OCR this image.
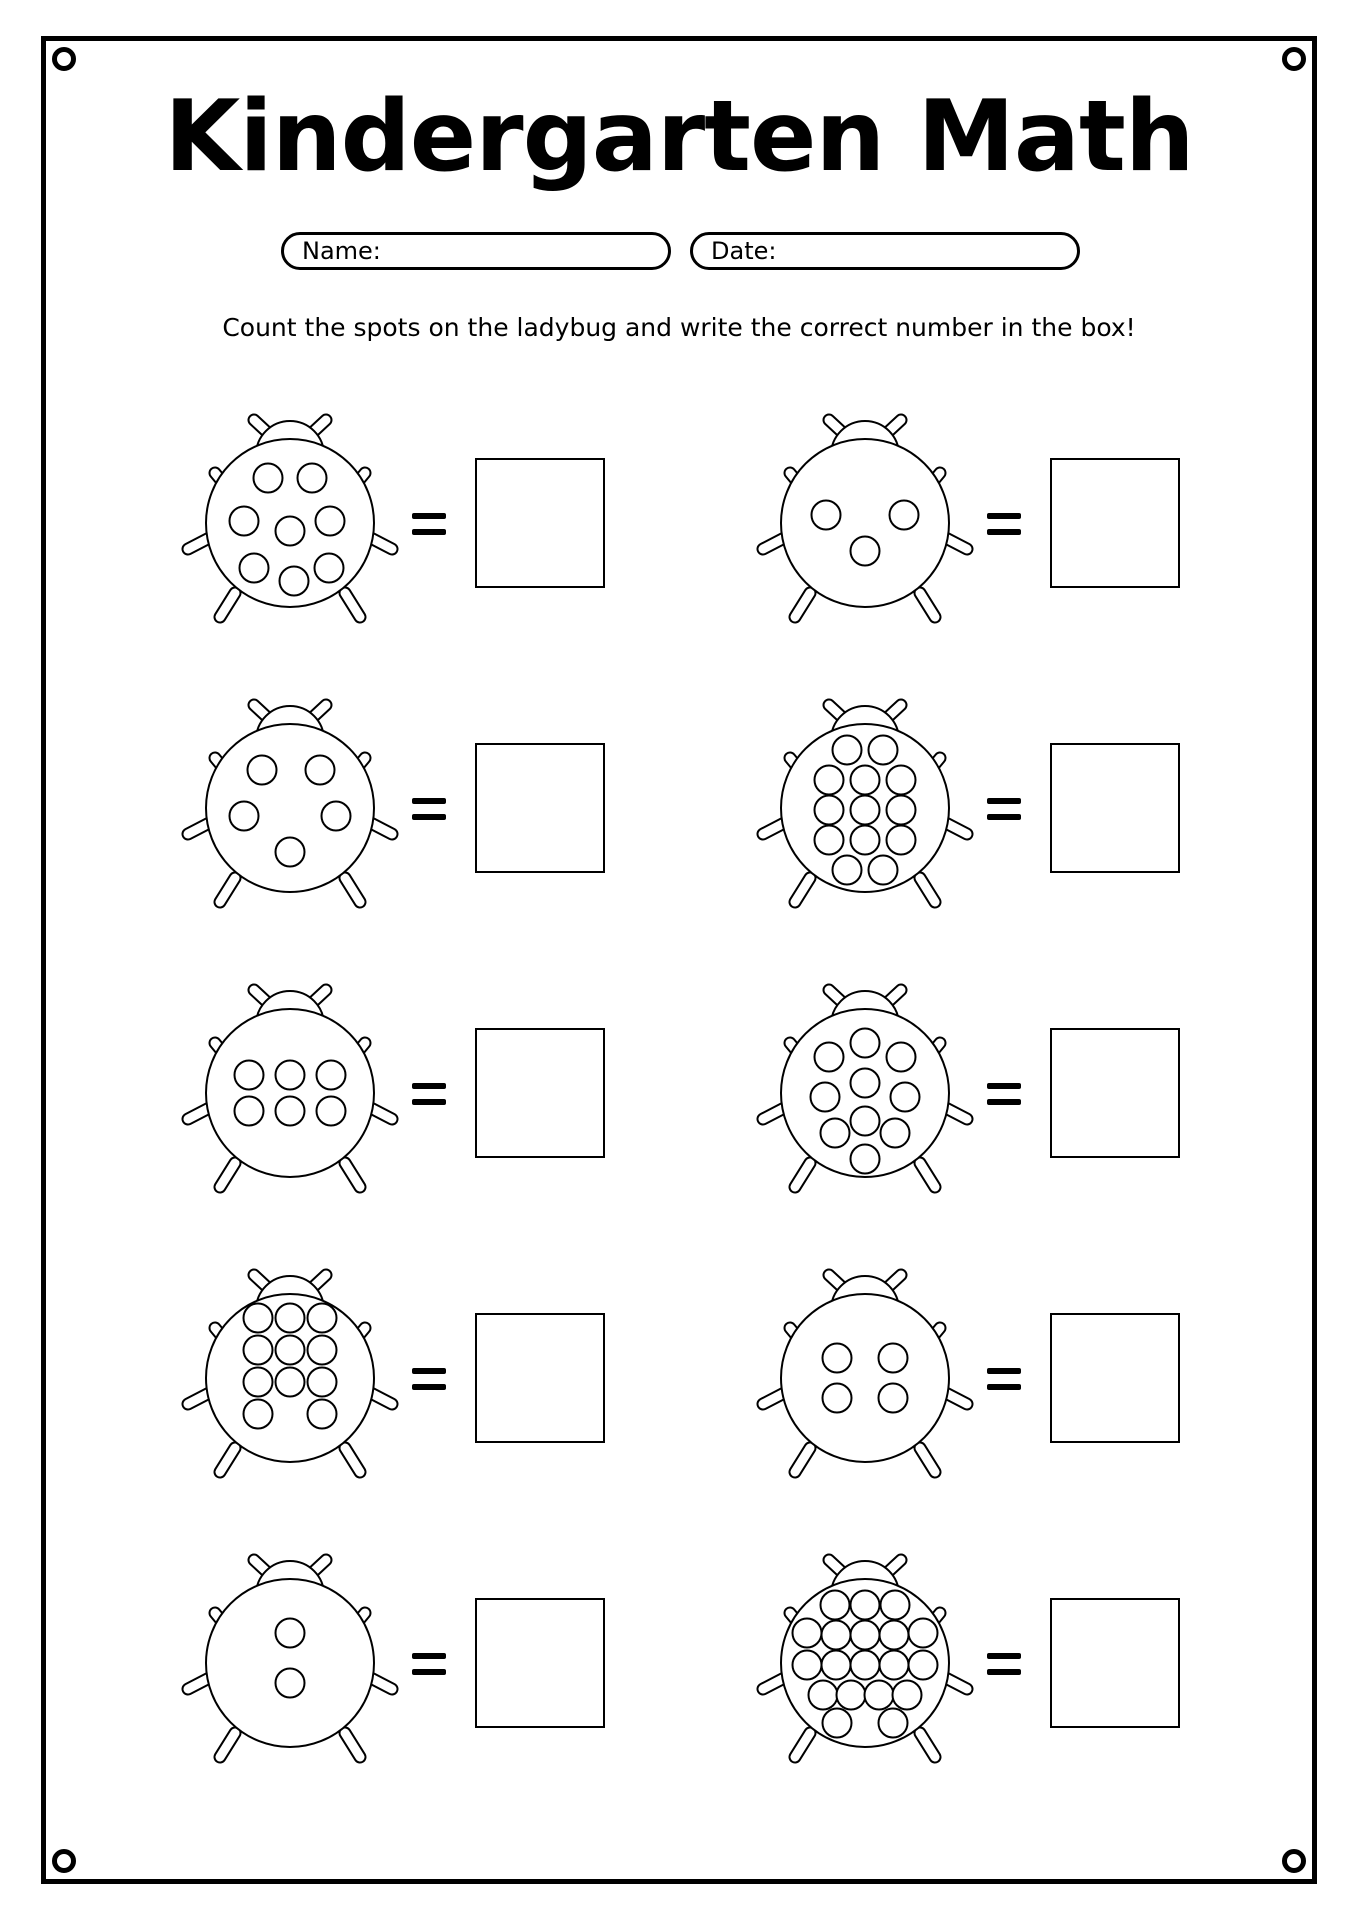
Kindergarten Math
Name:	Date:
Count the spots on the ladybug and write the correct number in the box!
